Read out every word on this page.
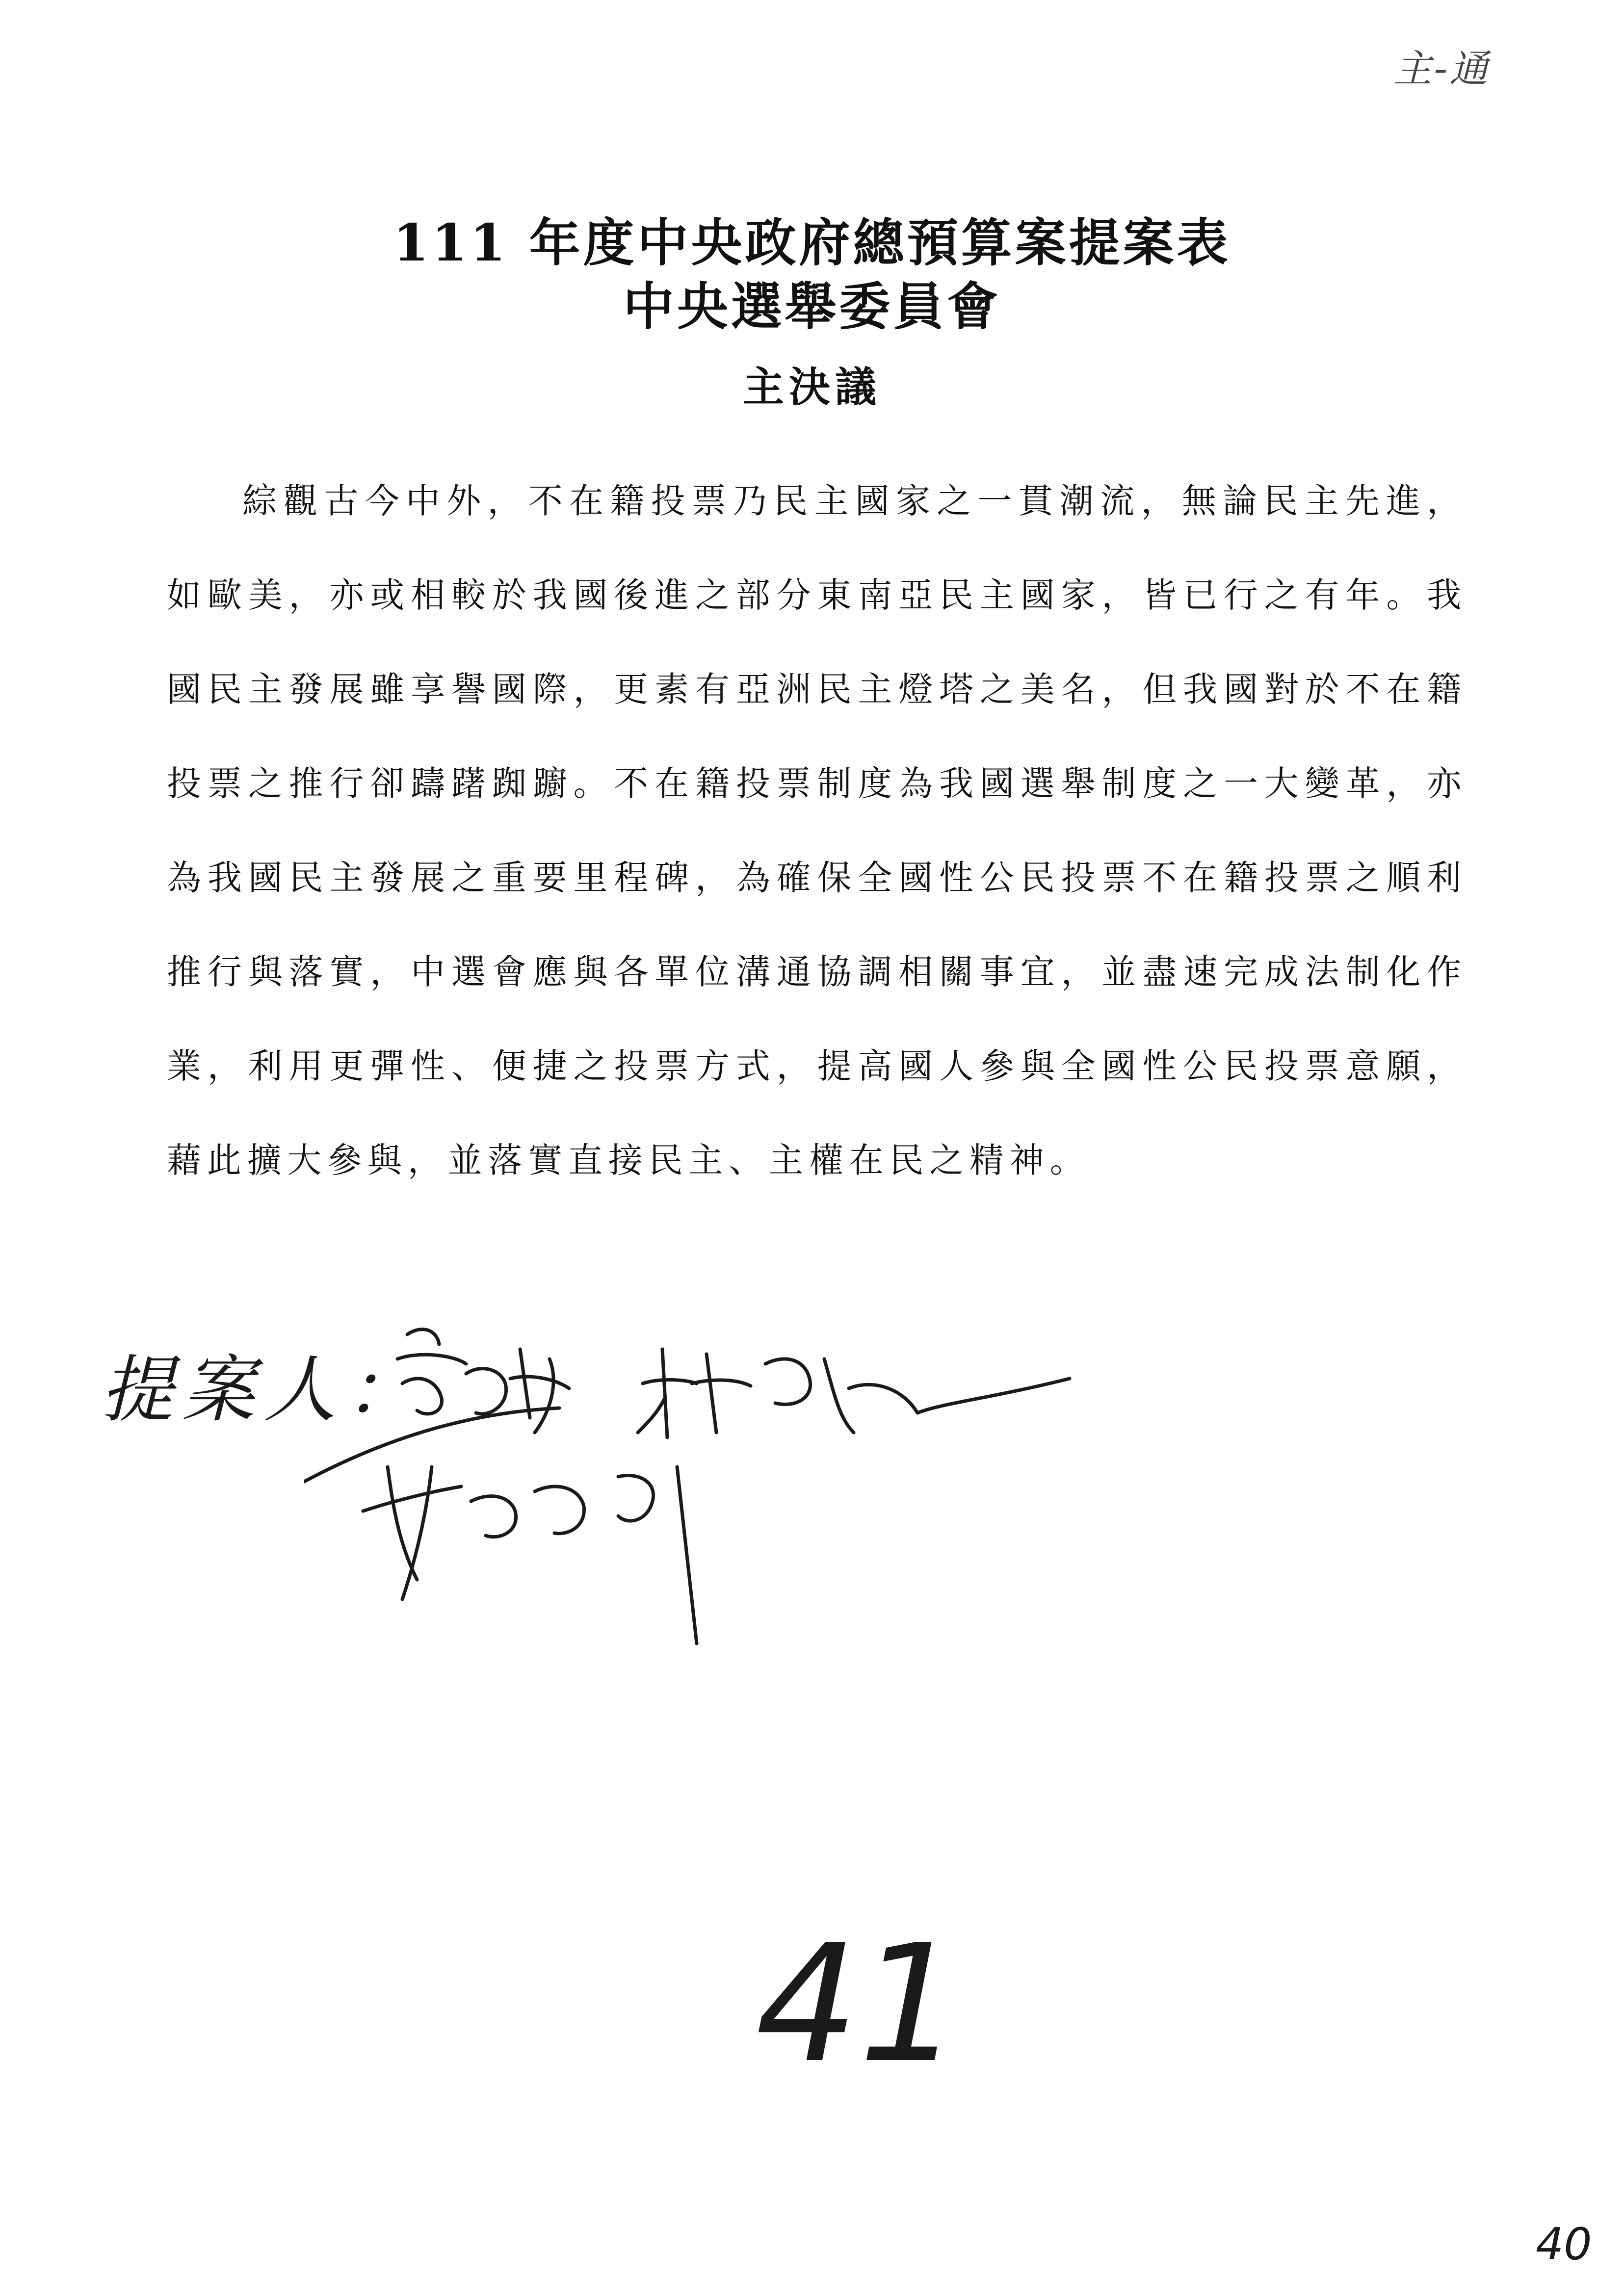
主-通
111 年度中央政府總預算案提案表
中央選舉委員會
主決議

綜觀古今中外，不在籍投票乃民主國家之一貫潮流，無論民主先進，如歐美，亦或相較於我國後進之部分東南亞民主國家，皆已行之有年。我國民主發展雖享譽國際，更素有亞洲民主燈塔之美名，但我國對於不在籍投票之推行卻躊躇踟躕。不在籍投票制度為我國選舉制度之一大變革，亦為我國民主發展之重要里程碑，為確保全國性公民投票不在籍投票之順利推行與落實，中選會應與各單位溝通協調相關事宜，並盡速完成法制化作業，利用更彈性、便捷之投票方式，提高國人參與全國性公民投票意願，藉此擴大參與，並落實直接民主、主權在民之精神。

提案人：
41
40
